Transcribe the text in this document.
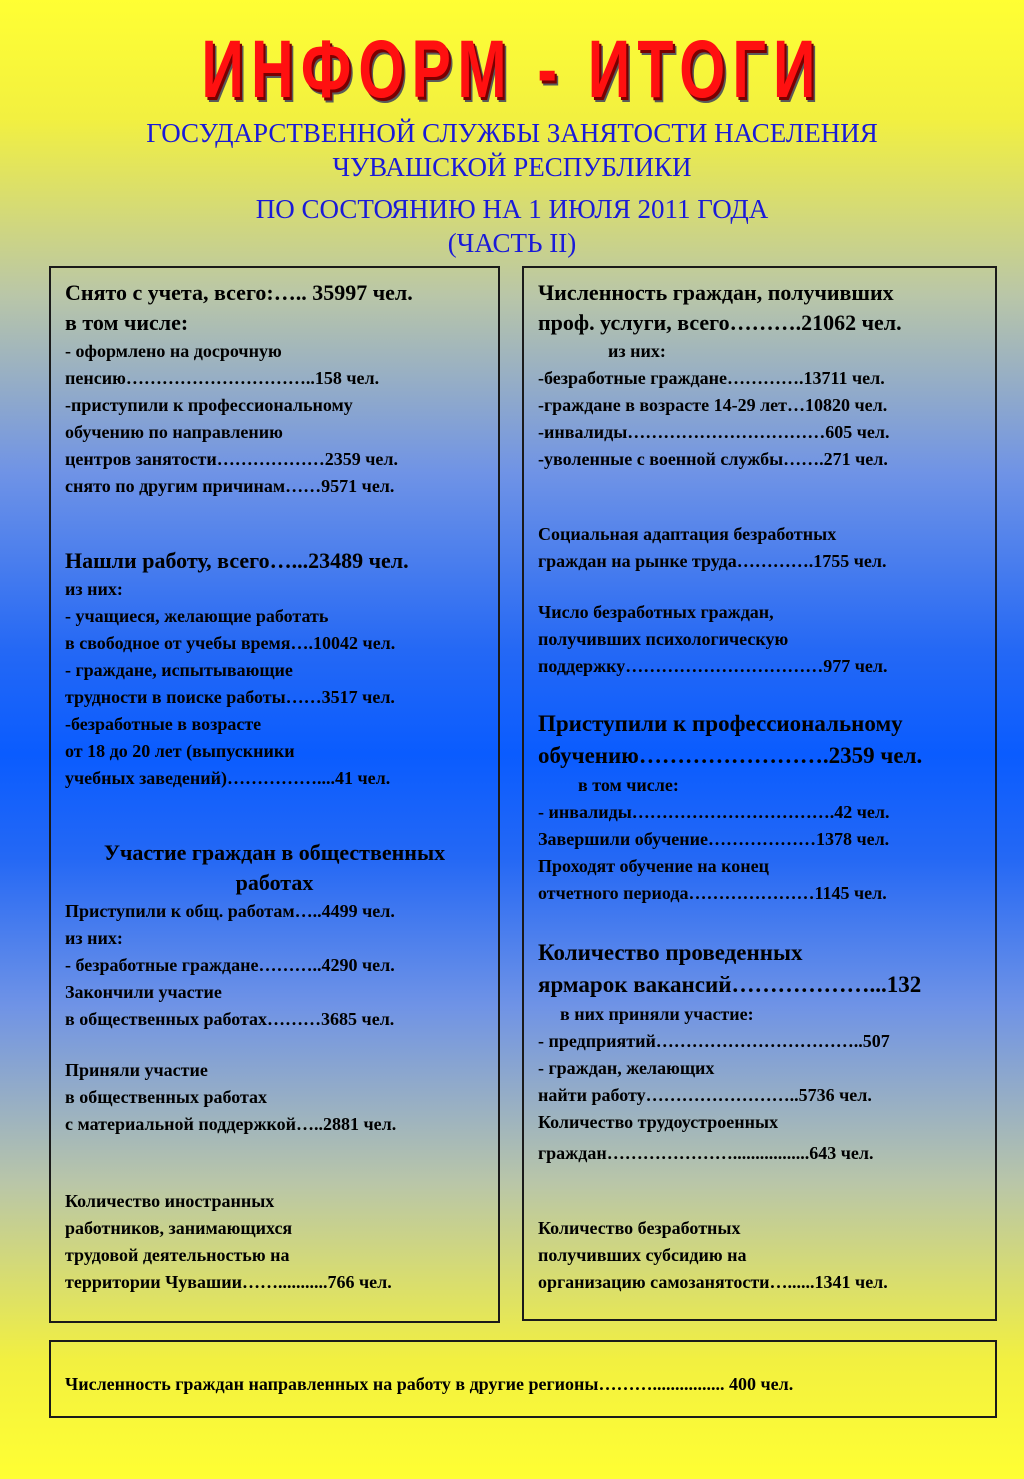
ИНФОРМ - ИТОГИ
ГОСУДАРСТВЕННОЙ СЛУЖБЫ ЗАНЯТОСТИ НАСЕЛЕНИЯ
ЧУВАШСКОЙ РЕСПУБЛИКИ
ПО СОСТОЯНИЮ НА 1 ИЮЛЯ 2011 ГОДА
(ЧАСТЬ II)
Снято с учета, всего:….. 35997 чел.
в том числе:
- оформлено на досрочную
пенсию…………………………..158 чел.
-приступили к профессиональному
обучению по направлению
центров занятости………………2359 чел.
снято по другим причинам……9571 чел.
Нашли работу, всего…...23489 чел.
из них:
- учащиеся, желающие работать
в свободное от учебы время….10042 чел.
- граждане, испытывающие
трудности в поиске работы……3517 чел.
-безработные в возрасте
от 18 до 20 лет (выпускники
учебных заведений)……………....41 чел.
Участие граждан в общественных
работах
Приступили к общ. работам…..4499 чел.
из них:
- безработные граждане………..4290 чел.
Закончили участие
в общественных работах………3685 чел.
Приняли участие
в общественных работах
с материальной поддержкой…..2881 чел.
Количество иностранных
работников, занимающихся
трудовой деятельностью на
территории Чувашии……...........766 чел.
Численность граждан, получивших
проф. услуги, всего……….21062 чел.
из них:
-безработные граждане………….13711 чел.
-граждане в возрасте 14-29 лет…10820 чел.
-инвалиды……………………………605 чел.
-уволенные с военной службы…….271 чел.
Социальная адаптация безработных
граждан на рынке труда………….1755 чел.
Число безработных граждан,
получивших психологическую
поддержку……………………………977 чел.
Приступили к профессиональному
обучению…………………….2359 чел.
в том числе:
- инвалиды…………………………….42 чел.
Завершили обучение………………1378 чел.
Проходят обучение на конец
отчетного периода…………………1145 чел.
Количество проведенных
ярмарок вакансий………………...132
в них приняли участие:
- предприятий……………………………..507
- граждан, желающих
найти работу……………………..5736 чел.
Количество трудоустроенных
граждан………………….................643 чел.
Количество безработных
получивших субсидию на
организацию самозанятости…......1341 чел.
Численность граждан направленных на работу в другие регионы………................ 400 чел.
